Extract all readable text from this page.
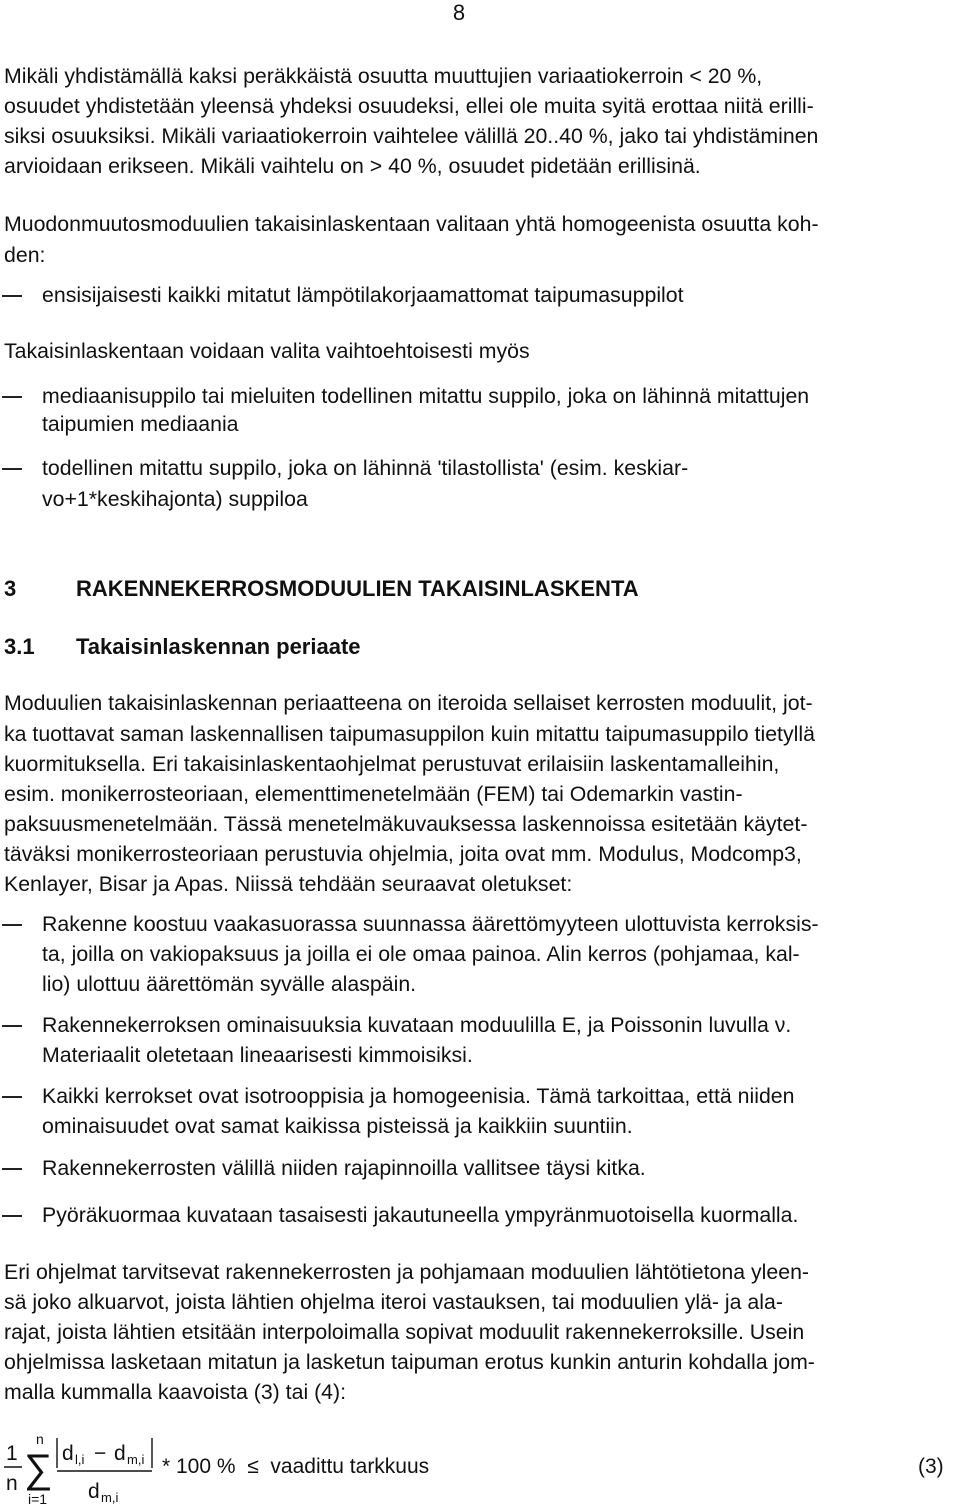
8
Mikäli yhdistämällä kaksi peräkkäistä osuutta muuttujien variaatiokerroin < 20 %,
osuudet yhdistetään yleensä yhdeksi osuudeksi, ellei ole muita syitä erottaa niitä erilli-
siksi osuuksiksi. Mikäli variaatiokerroin vaihtelee välillä 20..40 %, jako tai yhdistäminen
arvioidaan erikseen. Mikäli vaihtelu on > 40 %, osuudet pidetään erillisinä.
Muodonmuutosmoduulien takaisinlaskentaan valitaan yhtä homogeenista osuutta koh-
den:
ensisijaisesti kaikki mitatut lämpötilakorjaamattomat taipumasuppilot
Takaisinlaskentaan voidaan valita vaihtoehtoisesti myös
mediaanisuppilo tai mieluiten todellinen mitattu suppilo, joka on lähinnä mitattujen
taipumien mediaania
todellinen mitattu suppilo, joka on lähinnä 'tilastollista' (esim. keskiar-
vo+1*keskihajonta) suppiloa
3	RAKENNEKERROSMODUULIEN TAKAISINLASKENTA
3.1 Takaisinlaskennan periaate
Moduulien takaisinlaskennan periaatteena on iteroida sellaiset kerrosten moduulit, jot-
ka tuottavat saman laskennallisen taipumasuppilon kuin mitattu taipumasuppilo tietyllä
kuormituksella. Eri takaisinlaskentaohjelmat perustuvat erilaisiin laskentamalleihin,
esim. monikerrosteoriaan, elementtimenetelmään (FEM) tai Odemarkin vastin-
paksuusmenetelmään. Tässä menetelmäkuvauksessa laskennoissa esitetään käytet-
täväksi monikerrosteoriaan perustuvia ohjelmia, joita ovat mm. Modulus, Modcomp3,
Kenlayer, Bisar ja Apas. Niissä tehdään seuraavat oletukset:
Rakenne koostuu vaakasuorassa suunnassa äärettömyyteen ulottuvista kerroksis-
ta, joilla on vakiopaksuus ja joilla ei ole omaa painoa. Alin kerros (pohjamaa, kal-
lio) ulottuu äärettömän syvälle alaspäin.
Rakennekerroksen ominaisuuksia kuvataan moduulilla E, ja Poissonin luvulla ν.
Materiaalit oletetaan lineaarisesti kimmoisiksi.
Kaikki kerrokset ovat isotrooppisia ja homogeenisia. Tämä tarkoittaa, että niiden
ominaisuudet ovat samat kaikissa pisteissä ja kaikkiin suuntiin.
Rakennekerrosten välillä niiden rajapinnoilla vallitsee täysi kitka.
Pyöräkuormaa kuvataan tasaisesti jakautuneella ympyränmuotoisella kuormalla.
Eri ohjelmat tarvitsevat rakennekerrosten ja pohjamaan moduulien lähtötietona yleen-
sä joko alkuarvot, joista lähtien ohjelma iteroi vastauksen, tai moduulien ylä- ja ala-
rajat, joista lähtien etsitään interpoloimalla sopivat moduulit rakennekerroksille. Usein
ohjelmissa lasketaan mitatun ja lasketun taipuman erotus kunkin anturin kohdalla jom-
malla kummalla kaavoista (3) tai (4):
1
n
n
∑
i=1
d l,i − d m,i
d m,i
* 100 %  ≤  vaadittu tarkkuus	(3)
